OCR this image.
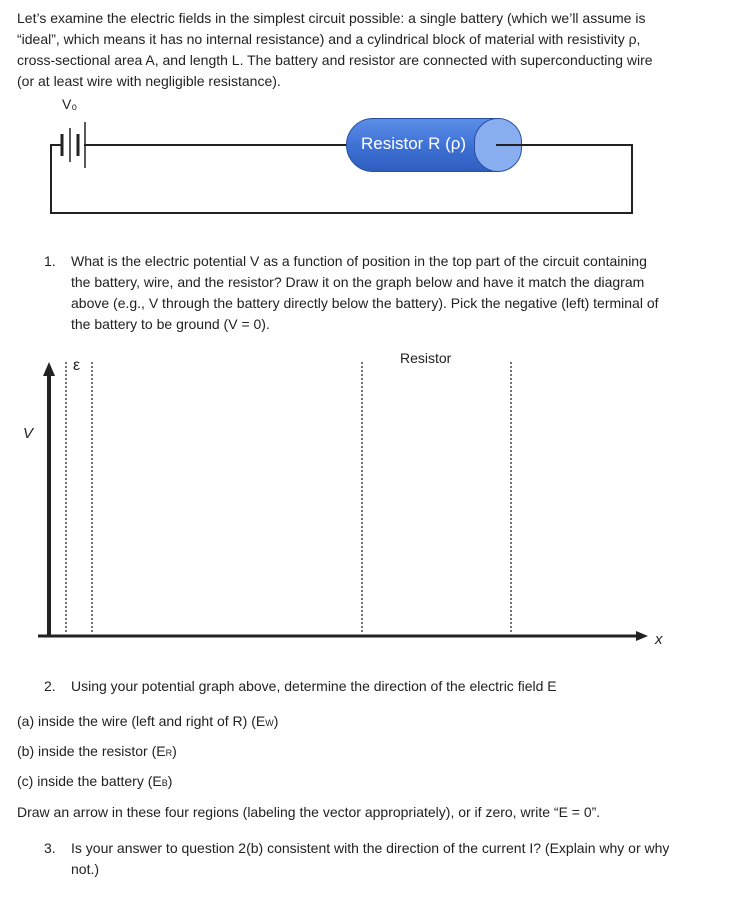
Let’s examine the electric fields in the simplest circuit possible: a single battery (which we’ll assume is
“ideal”, which means it has no internal resistance) and a cylindrical block of material with resistivity ρ,
cross-sectional area A, and length L. The battery and resistor are connected with superconducting wire
(or at least wire with negligible resistance).
V₀
Resistor R (ρ)
1. What is the electric potential V as a function of position in the top part of the circuit containing
the battery, wire, and the resistor? Draw it on the graph below and have it match the diagram
above (e.g., V through the battery directly below the battery). Pick the negative (left) terminal of
the battery to be ground (V = 0).
ε	Resistor
V
x
2. Using your potential graph above, determine the direction of the electric field E
(a) inside the wire (left and right of R) (EW)
(b) inside the resistor (ER)
(c) inside the battery (EB)
Draw an arrow in these four regions (labeling the vector appropriately), or if zero, write “E = 0”.
3. Is your answer to question 2(b) consistent with the direction of the current I? (Explain why or why
not.)
